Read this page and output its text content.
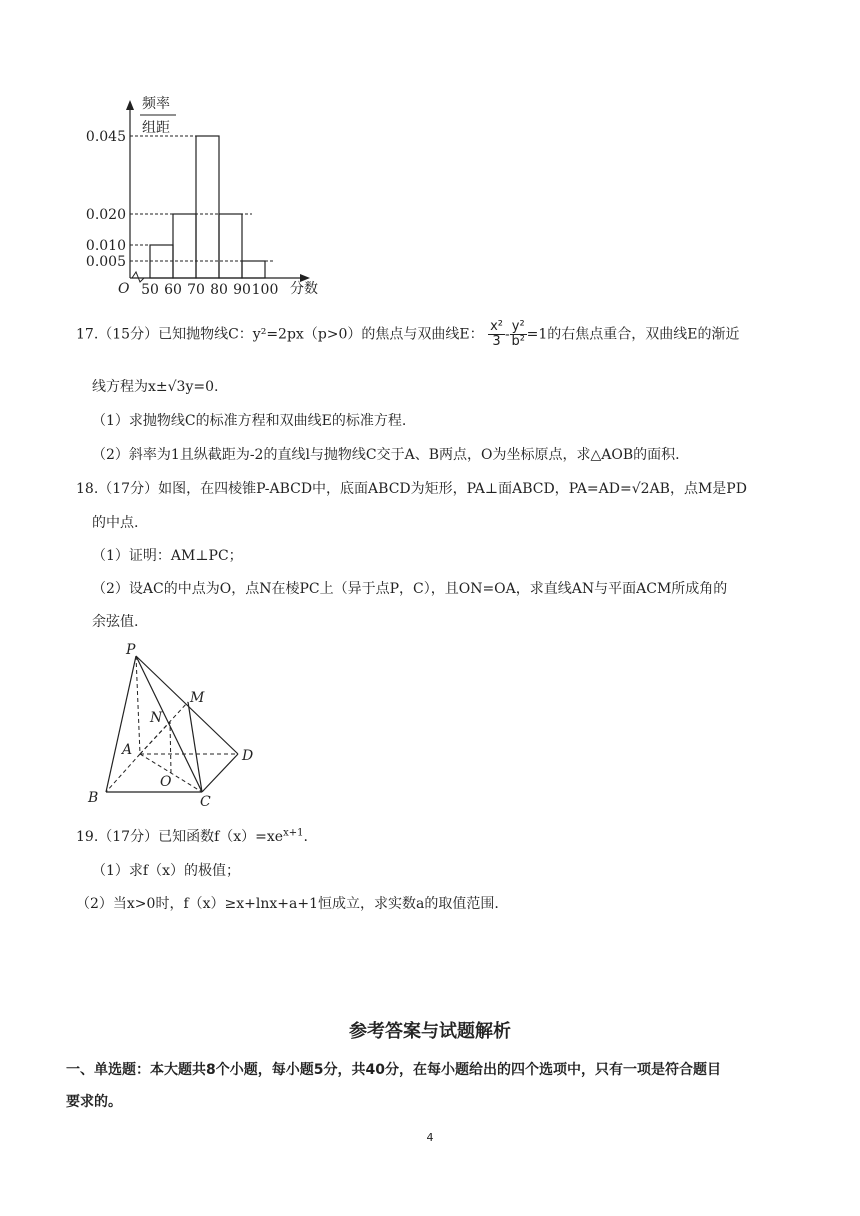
0.045
0.020
0.010
0.005
50 60 70 80 90 100
频率
组距
O	分数
17.（15分）已知抛物线C：y²=2px（p>0）的焦点与双曲线E： $\frac{\text{x²}}{3} - \frac{\text{y²}}{\text{b²}} =1$的右焦点重合，双曲线E的渐近
线方程为x±√3y=0.
（1）求抛物线C的标准方程和双曲线E的标准方程.
（2）斜率为1且纵截距为-2的直线l与抛物线C交于A、B两点，O为坐标原点，求△AOB的面积.
18.（17分）如图，在四棱锥P-ABCD中，底面ABCD为矩形，PA⊥面ABCD，PA=AD=√2AB，点M是PD
的中点.
（1）证明：AM⊥PC；
（2）设AC的中点为O，点N在棱PC上（异于点P，C），且ON=OA，求直线AN与平面ACM所成角的
余弦值.
P
M
N
A	D
O
B	C
19.（17分）已知函数$f(x)=xe^{x+1}$.
（1）求f（x）的极值；
（2）当x>0时，f（x）≥x+lnx+a+1恒成立，求实数a的取值范围.
参考答案与试题解析
一、单选题：本大题共8个小题，每小题5分，共40分，在每小题给出的四个选项中，只有一项是符合题目
要求的。
4
